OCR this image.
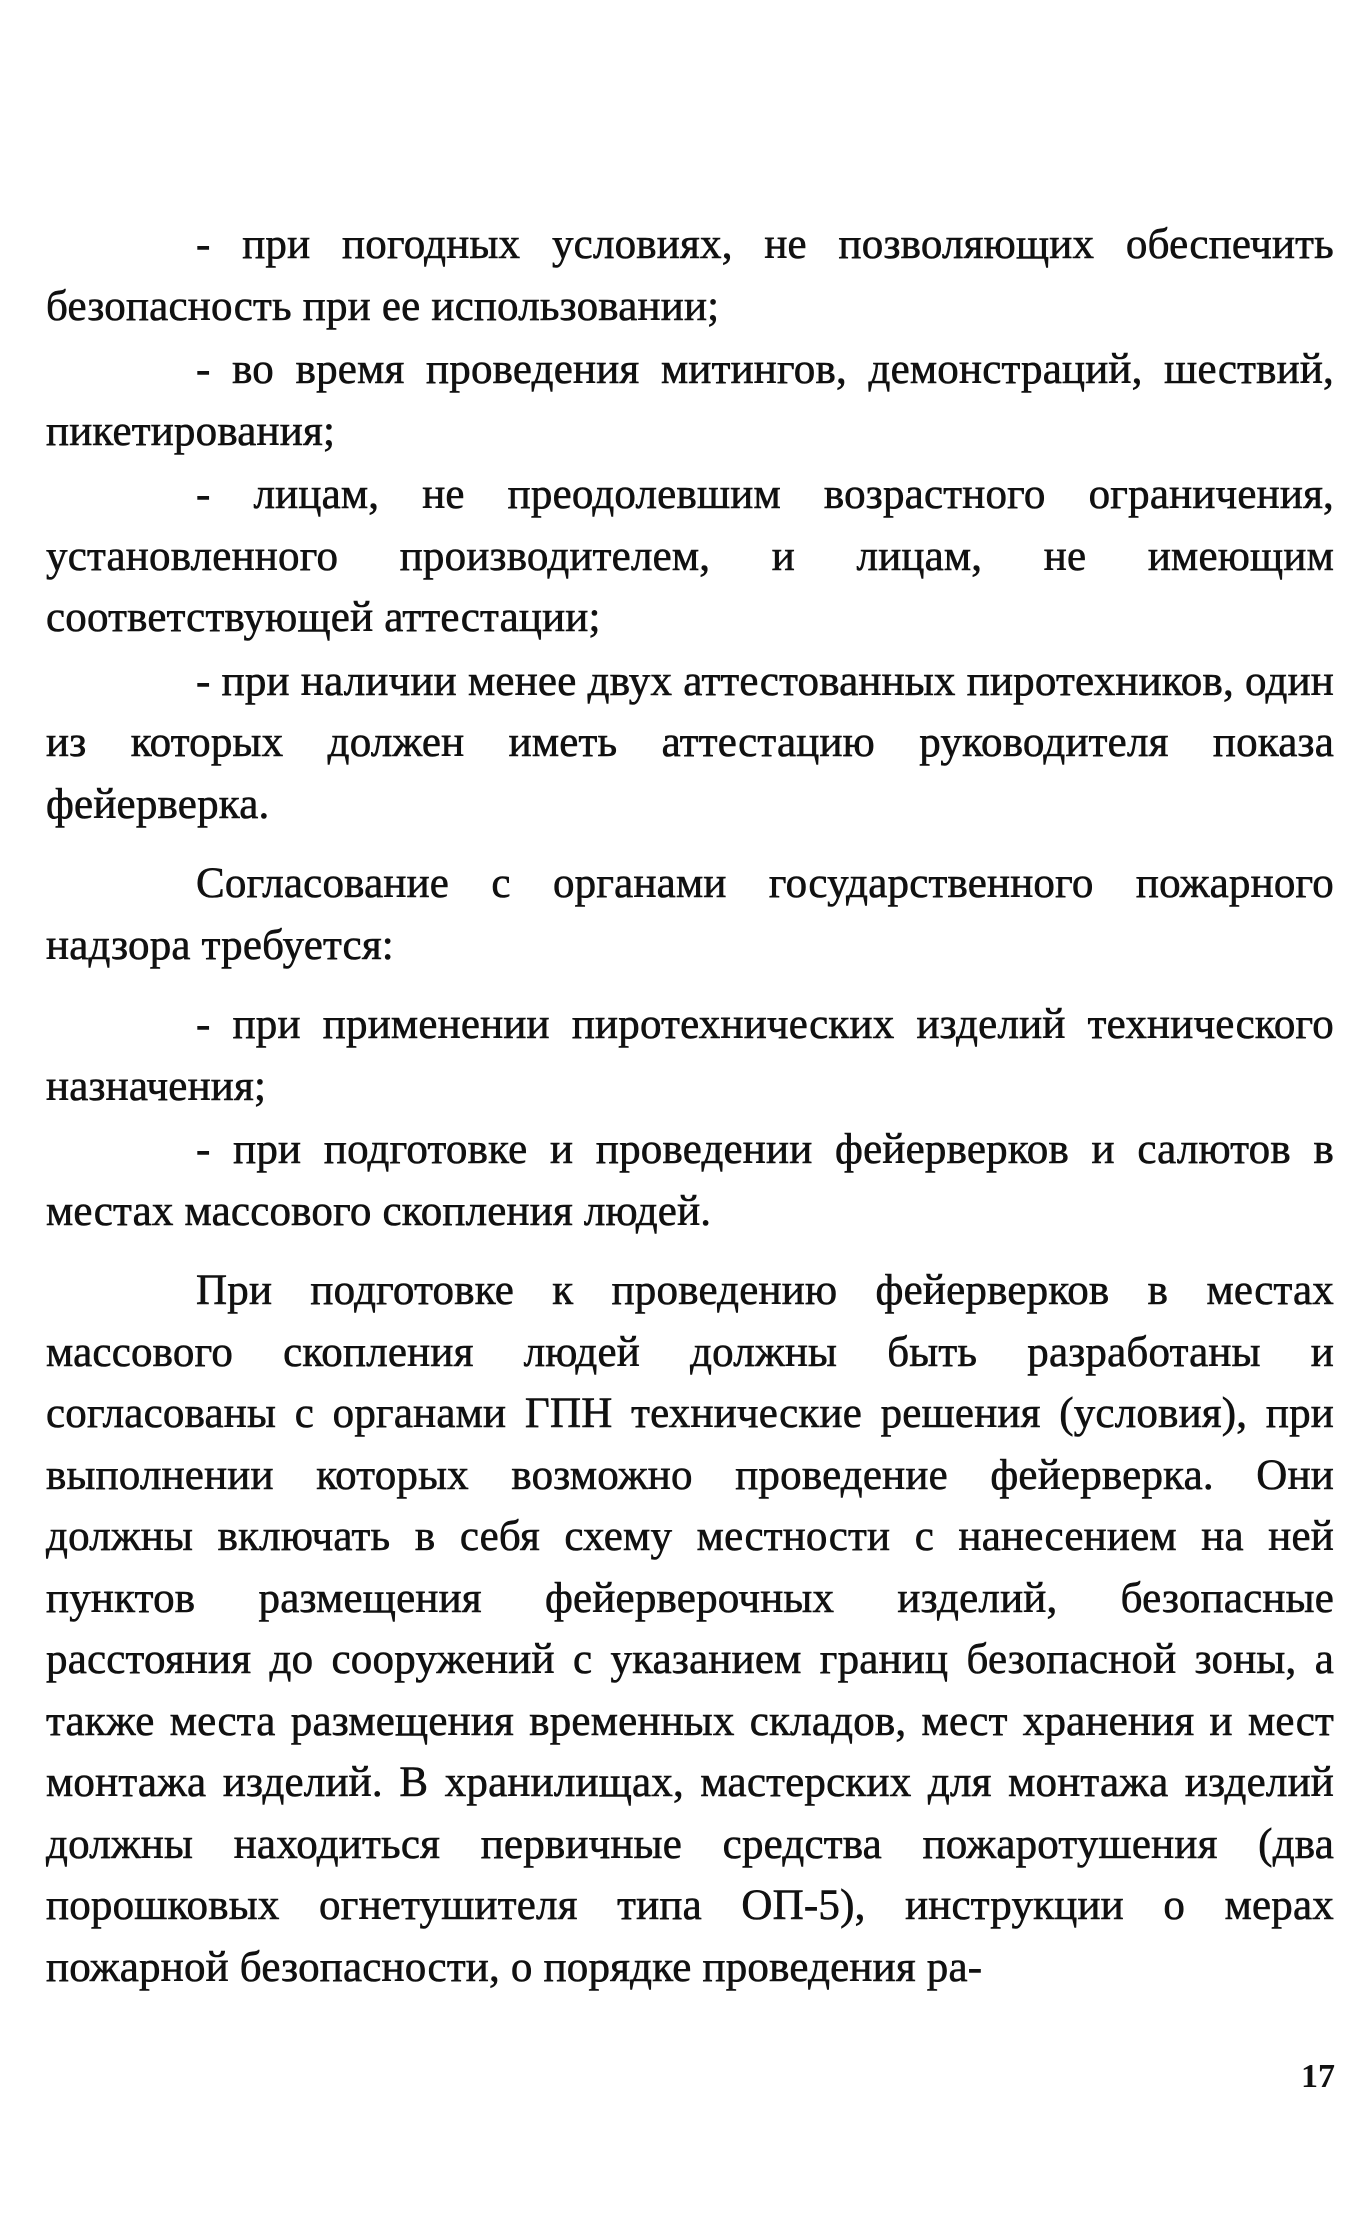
- при погодных условиях, не позволяющих обеспечить безопасность при ее использовании;

- во время проведения митингов, демонстраций, шествий, пикетирования;

- лицам, не преодолевшим возрастного ограничения, установленного производителем, и лицам, не имеющим соответствующей аттестации;

- при наличии менее двух аттестованных пиротехников, один из которых должен иметь аттестацию руководителя показа фейерверка.

Согласование с органами государственного пожарного надзора требуется:

- при применении пиротехнических изделий технического назначения;

- при подготовке и проведении фейерверков и салютов в местах массового скопления людей.

При подготовке к проведению фейерверков в местах массового скопления людей должны быть разработаны и согласованы с органами ГПН технические решения (условия), при выполнении которых возможно проведение фейерверка. Они должны включать в себя схему местности с нанесением на ней пунктов размещения фейерверочных изделий, безопасные расстояния до сооружений с указанием границ безопасной зоны, а также места размещения временных складов, мест хранения и мест монтажа изделий. В хранилищах, мастерских для монтажа изделий должны находиться первичные средства пожаротушения (два порошковых огнетушителя типа ОП-5), инструкции о мерах пожарной безопасности, о порядке проведения ра-

17
